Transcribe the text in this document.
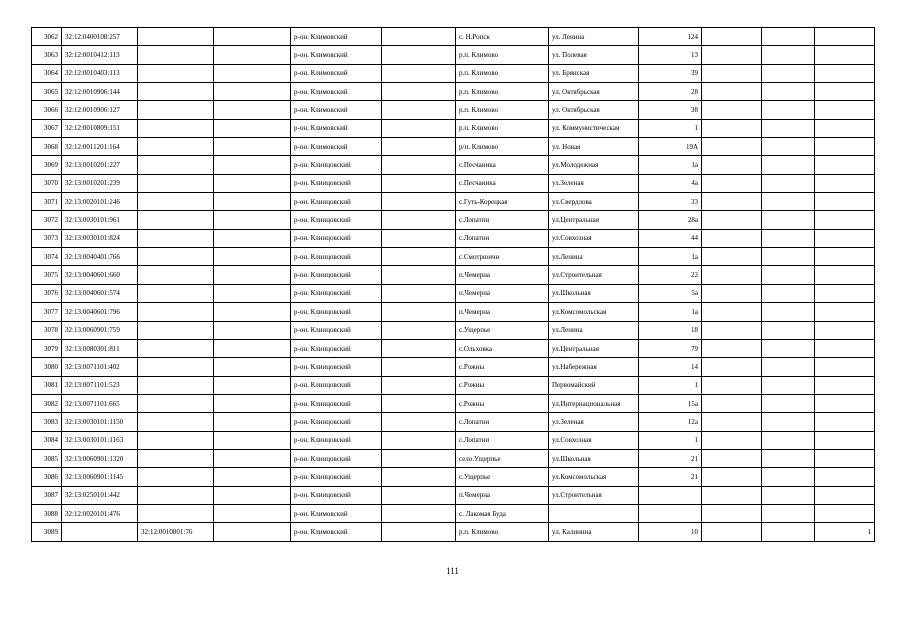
3062	32:12:0400108:257			р-он. Климовский		с. Н.Ропск	ул. Ленина	124			
3063	32:12:0010412:113			р-он. Климовский		р.п. Климово	ул. Полевая	13			
3064	32:12:0010403:113			р-он. Климовский		р.п. Климово	ул. Брянская	39			
3065	32:12:0010906:144			р-он. Климовский		р.п. Климово	ул. Октябрьская	28			
3066	32:12:0010906:127			р-он. Климовский		р.п. Климово	ул. Октябрьская	38			
3067	32:12:0010809:151			р-он. Климовский		р.п. Климово	ул. Коммунистическая	1			
3068	32:12:0011201:164			р-он. Климовский		р/п. Климово	ул. Новая	19А			
3069	32:13:0010201:227			р-он. Клинцовский		с.Песчаника	ул.Молодежная	1а			
3070	32:13:0010201:239			р-он. Клинцовский		с.Песчаника	ул.Зеленая	4а			
3071	32:13:0020101:246			р-он. Клинцовский		с.Гуть-Корецкая	ул.Свердлова	33			
3072	32:13:0030101:961			р-он. Клинцовский		с.Лопатни	ул.Центральная	28а			
3073	32:13:0030101:824			р-он. Клинцовский		с.Лопатни	ул.Совхозная	44			
3074	32:13:0040401:766			р-он. Клинцовский		с.Смотрюичи	ул.Ленина	1а			
3075	32:13:0040601:660			р-он. Клинцовский		п.Чемерна	ул.Строительная	22			
3076	32:13:0040601:574			р-он. Клинцовский		п.Чемерна	ул.Школьная	5а			
3077	32:13:0040601:796			р-он. Клинцовский		п.Чемерна	ул.Комсомольская	1а			
3078	32:13:0060901:759			р-он. Клинцовский		с.Ущерпье	ул.Ленина	18			
3079	32:13:0080301:811			р-он. Клинцовский		с.Ольховка	ул.Центральная	79			
3080	32:13:0071101:402			р-он. Клинцовский		с.Рожны	ул.Набережная	14			
3081	32:13:0071101:523			р-он. Клинцовский		с.Рожны	Первомайский	1			
3082	32:13:0071101:665			р-он. Клинцовский		с.Рожны	ул.Интернациональная	15а			
3083	32:13:0030101:1150			р-он. Клинцовский		с.Лопатни	ул.Зеленая	12а			
3084	32:13:0030101:1163			р-он. Клинцовский		с.Лопатни	ул.Совхозная	1			
3085	32:13:0060901:1320			р-он. Клинцовский		село.Ущерпье	ул.Школьная	21			
3086	32:13:0060901:1145			р-он. Клинцовский		с.Ущерпье	ул.Комсомольская	21			
3087	32:13:0250101:442			р-он. Клинцовский		п.Чемерна	ул.Строительная				
3088	32:12:0020101:476			р-он. Климовский		с. Лакомая Буда					
3089		32:12:0010801:76		р-он. Климовский		р.п. Климово	ул. Калинина	10			1
111
